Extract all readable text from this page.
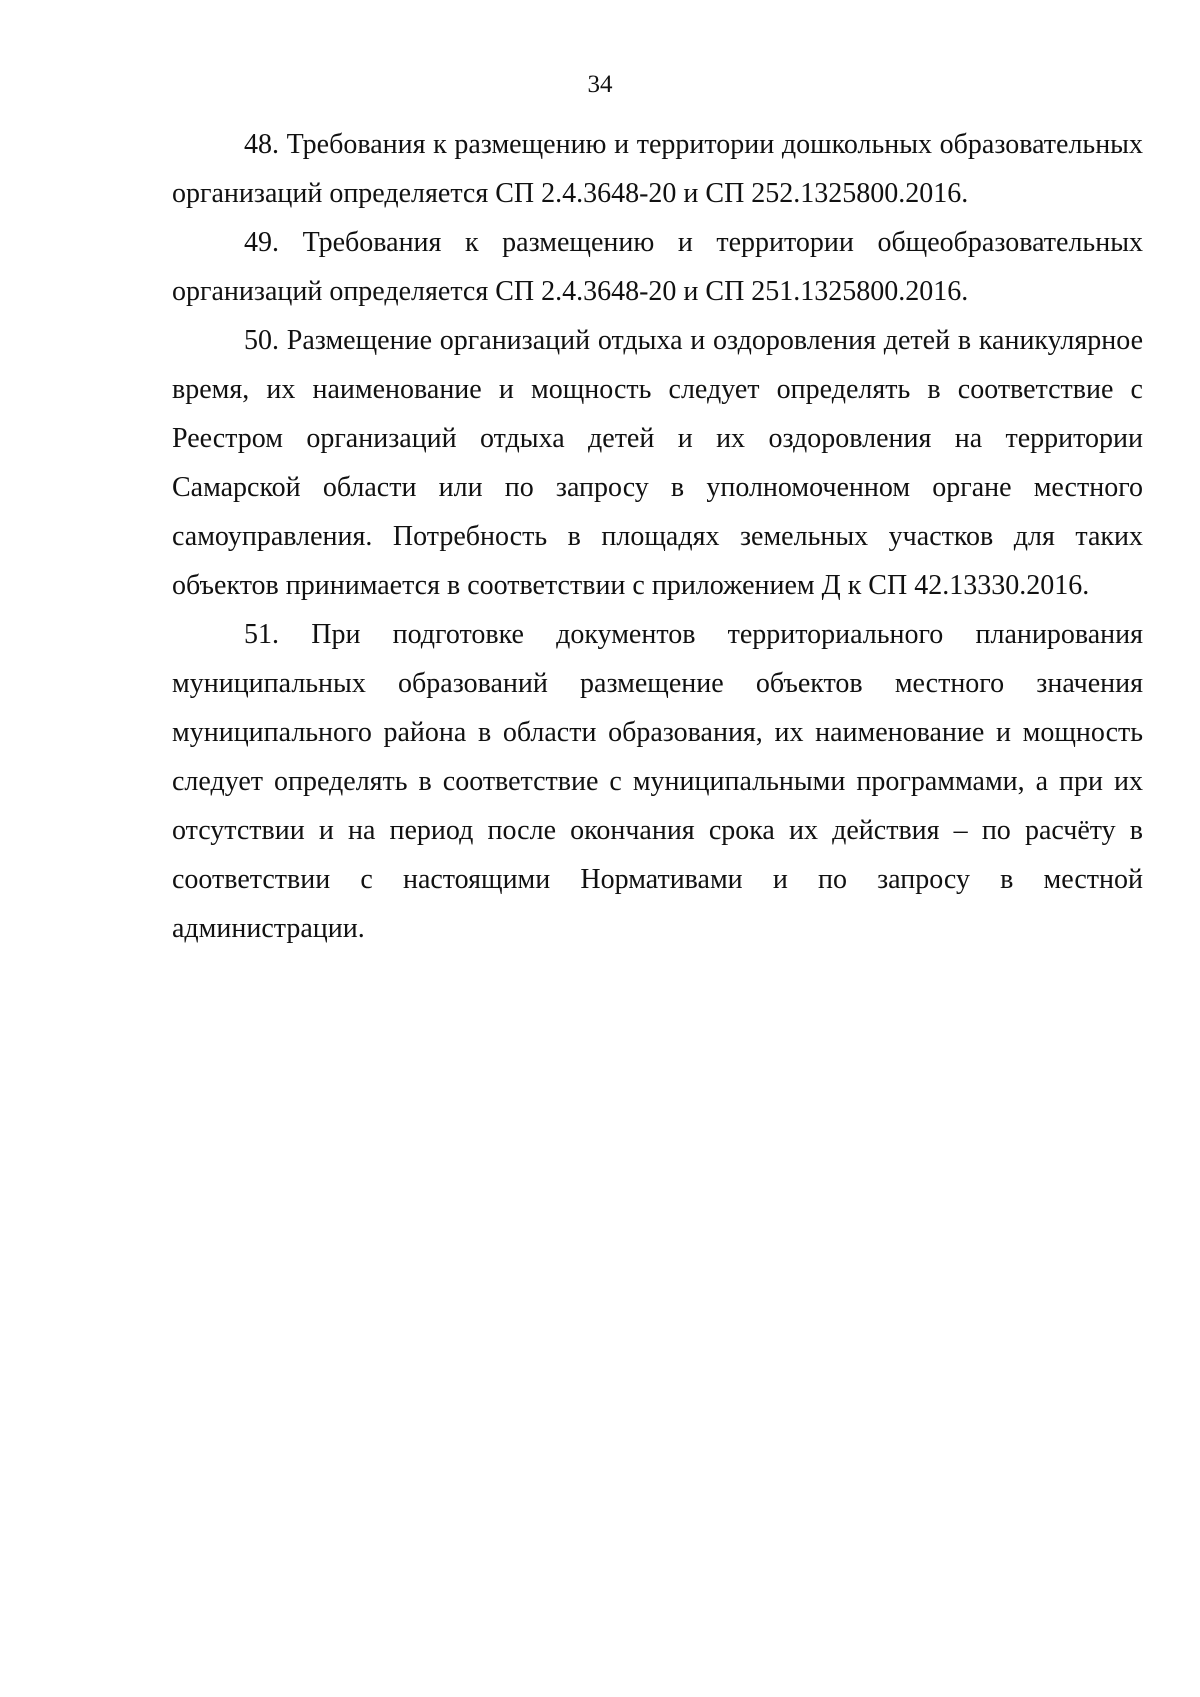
34

48. Требования к размещению и территории дошкольных образовательных организаций определяется СП 2.4.3648-20 и СП 252.1325800.2016.

49. Требования к размещению и территории общеобразовательных организаций определяется СП 2.4.3648-20 и СП 251.1325800.2016.

50. Размещение организаций отдыха и оздоровления детей в каникулярное время, их наименование и мощность следует определять в соответствие с Реестром организаций отдыха детей и их оздоровления на территории Самарской области или по запросу в уполномоченном органе местного самоуправления. Потребность в площадях земельных участков для таких объектов принимается в соответствии с приложением Д к СП 42.13330.2016.

51. При подготовке документов территориального планирования муниципальных образований размещение объектов местного значения муниципального района в области образования, их наименование и мощность следует определять в соответствие с муниципальными программами, а при их отсутствии и на период после окончания срока их действия – по расчёту в соответствии с настоящими Нормативами и по запросу в местной администрации.
